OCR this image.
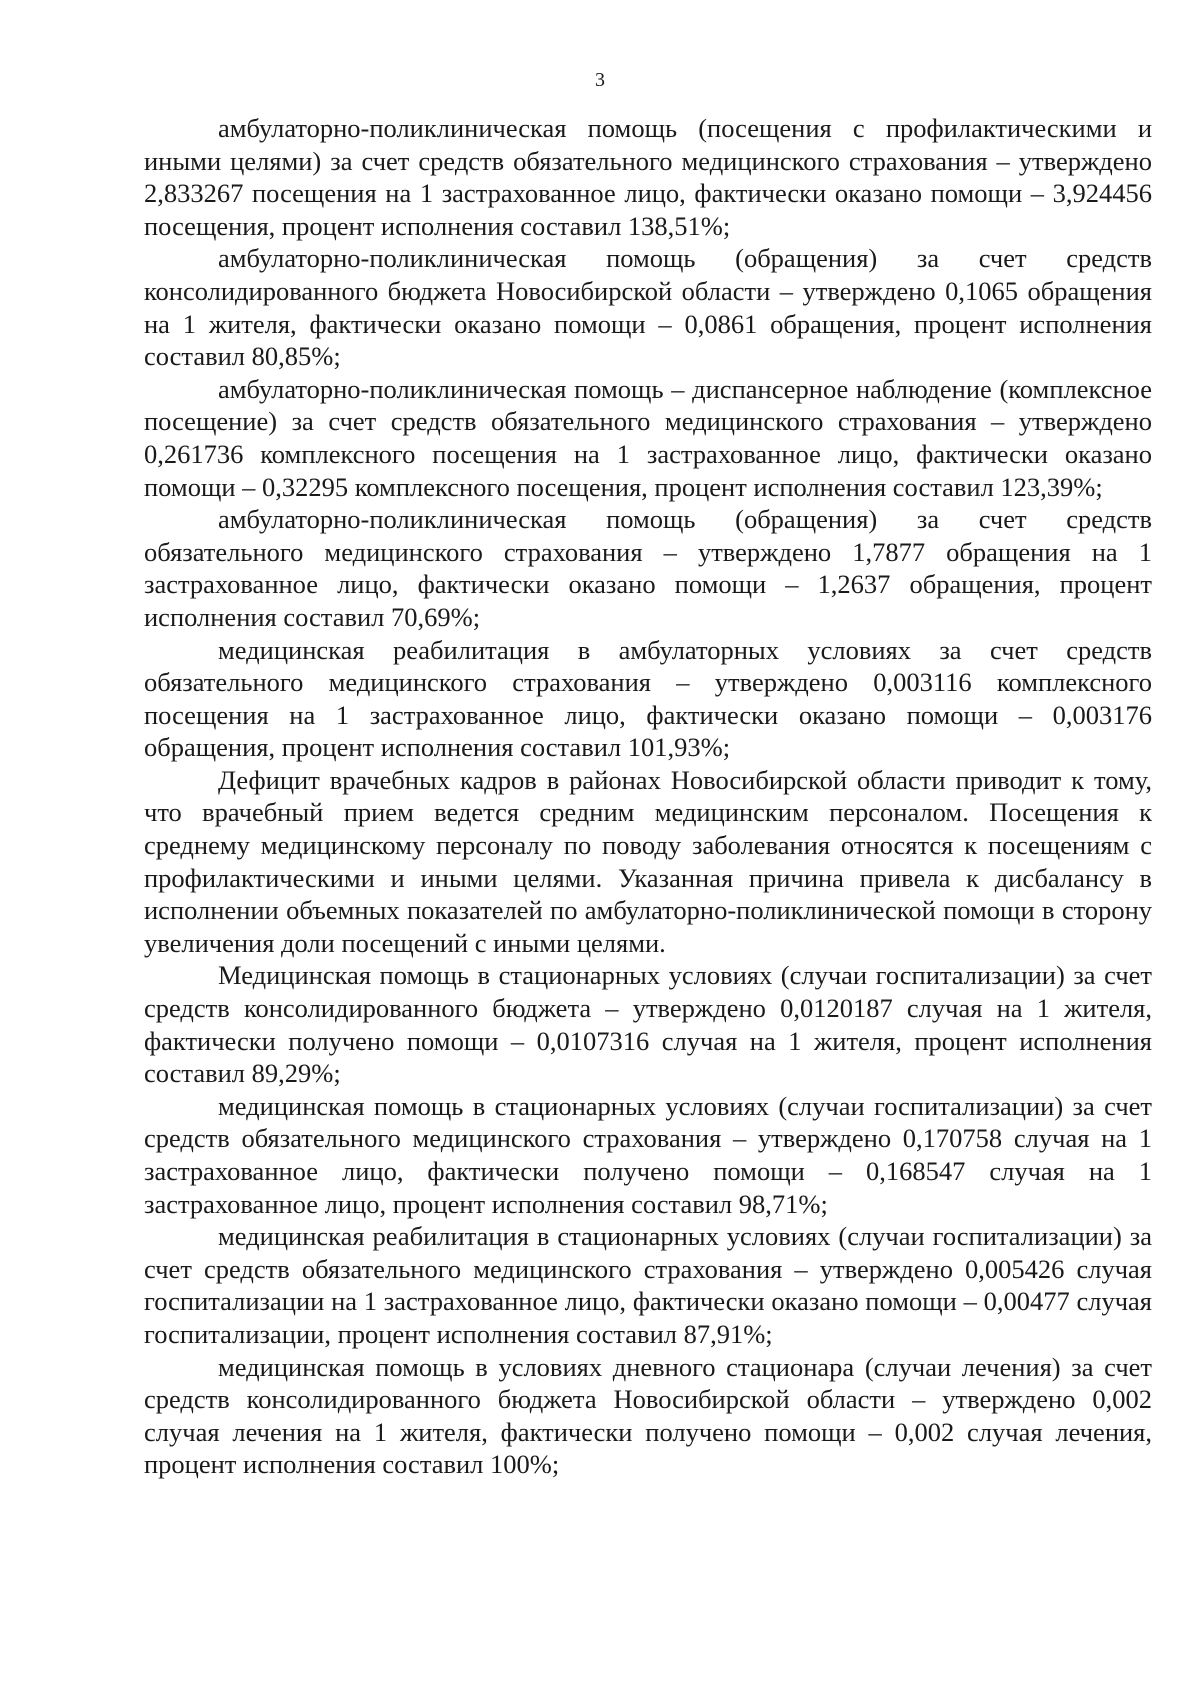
3

амбулаторно-поликлиническая помощь (посещения с профилактическими и иными целями) за счет средств обязательного медицинского страхования – утверждено 2,833267 посещения на 1 застрахованное лицо, фактически оказано помощи – 3,924456 посещения, процент исполнения составил 138,51%;

амбулаторно-поликлиническая помощь (обращения) за счет средств консолидированного бюджета Новосибирской области – утверждено 0,1065 обращения на 1 жителя, фактически оказано помощи – 0,0861 обращения, процент исполнения составил 80,85%;

амбулаторно-поликлиническая помощь – диспансерное наблюдение (комплексное посещение) за счет средств обязательного медицинского страхования – утверждено 0,261736 комплексного посещения на 1 застрахованное лицо, фактически оказано помощи – 0,32295 комплексного посещения, процент исполнения составил 123,39%;

амбулаторно-поликлиническая помощь (обращения) за счет средств обязательного медицинского страхования – утверждено 1,7877 обращения на 1 застрахованное лицо, фактически оказано помощи – 1,2637 обращения, процент исполнения составил 70,69%;

медицинская реабилитация в амбулаторных условиях за счет средств обязательного медицинского страхования – утверждено 0,003116 комплексного посещения на 1 застрахованное лицо, фактически оказано помощи – 0,003176 обращения, процент исполнения составил 101,93%;

Дефицит врачебных кадров в районах Новосибирской области приводит к тому, что врачебный прием ведется средним медицинским персоналом. Посещения к среднему медицинскому персоналу по поводу заболевания относятся к посещениям с профилактическими и иными целями. Указанная причина привела к дисбалансу в исполнении объемных показателей по амбулаторно-поликлинической помощи в сторону увеличения доли посещений с иными целями.

Медицинская помощь в стационарных условиях (случаи госпитализации) за счет средств консолидированного бюджета – утверждено 0,0120187 случая на 1 жителя, фактически получено помощи – 0,0107316 случая на 1 жителя, процент исполнения составил 89,29%;

медицинская помощь в стационарных условиях (случаи госпитализации) за счет средств обязательного медицинского страхования – утверждено 0,170758 случая на 1 застрахованное лицо, фактически получено помощи – 0,168547 случая на 1 застрахованное лицо, процент исполнения составил 98,71%;

медицинская реабилитация в стационарных условиях (случаи госпитализации) за счет средств обязательного медицинского страхования – утверждено 0,005426 случая госпитализации на 1 застрахованное лицо, фактически оказано помощи – 0,00477 случая госпитализации, процент исполнения составил 87,91%;

медицинская помощь в условиях дневного стационара (случаи лечения) за счет средств консолидированного бюджета Новосибирской области – утверждено 0,002 случая лечения на 1 жителя, фактически получено помощи – 0,002 случая лечения, процент исполнения составил 100%;
